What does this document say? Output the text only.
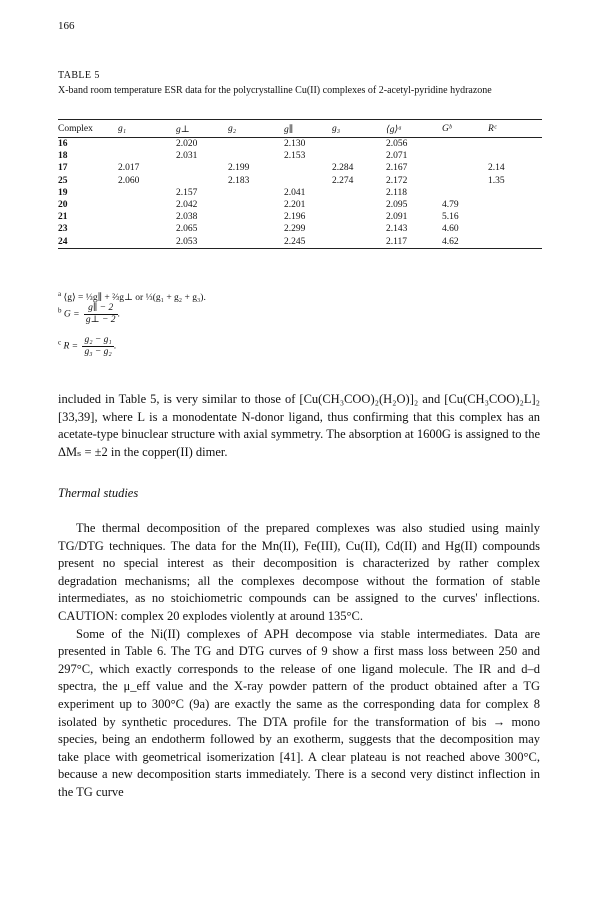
166
TABLE 5
X-band room temperature ESR data for the polycrystalline Cu(II) complexes of 2-acetyl-pyridine hydrazone
Complex	g₁	g⊥	g₂	g∥	g₃	⟨g⟩ᵃ	Gᵇ	Rᶜ
16		2.020		2.130		2.056		
18		2.031		2.153		2.071		
17	2.017		2.199		2.284	2.167		2.14
25	2.060		2.183		2.274	2.172		1.35
19		2.157		2.041		2.118		
20		2.042		2.201		2.095	4.79	
21		2.038		2.196		2.091	5.16	
23		2.065		2.299		2.143	4.60	
24		2.053		2.245		2.117	4.62	
$^a$ ⟨g⟩ = ⅓g∥ + ⅔g⊥ or ⅓(g₁ + g₂ + g₃).
$^b$ $G = \frac{g\parallel - 2}{g\perp - 2}$ .
$^c$ $R = \frac{\text{g₂ − g₁}}{\text{g₃ − g₂}}$ .

included in Table 5, is very similar to those of [Cu(CH₃COO)₂(H₂O)]₂ and [Cu(CH₃COO)₂L]₂ [33,39], where L is a monodentate N-donor ligand, thus confirming that this complex has an acetate-type binuclear structure with axial symmetry. The absorption at 1600G is assigned to the ΔMₛ = ±2 in the copper(II) dimer.

Thermal studies

The thermal decomposition of the prepared complexes was also studied using mainly TG/DTG techniques. The data for the Mn(II), Fe(III), Cu(II), Cd(II) and Hg(II) compounds present no special interest as their decomposition is characterized by rather complex degradation mechanisms; all the complexes decompose without the formation of stable intermediates, as no stoichiometric compounds can be assigned to the curves' inflections. CAUTION: complex 20 explodes violently at around 135°C.

Some of the Ni(II) complexes of APH decompose via stable intermediates. Data are presented in Table 6. The TG and DTG curves of 9 show a first mass loss between 250 and 297°C, which exactly corresponds to the release of one ligand molecule. The IR and d–d spectra, the μ_eff value and the X-ray powder pattern of the product obtained after a TG experiment up to 300°C (9a) are exactly the same as the corresponding data for complex 8 isolated by synthetic procedures. The DTA profile for the transformation of bis → mono species, being an endotherm followed by an exotherm, suggests that the decomposition may take place with geometrical isomerization [41]. A clear plateau is not reached above 300°C, because a new decomposition starts immediately. There is a second very distinct inflection in the TG curve
